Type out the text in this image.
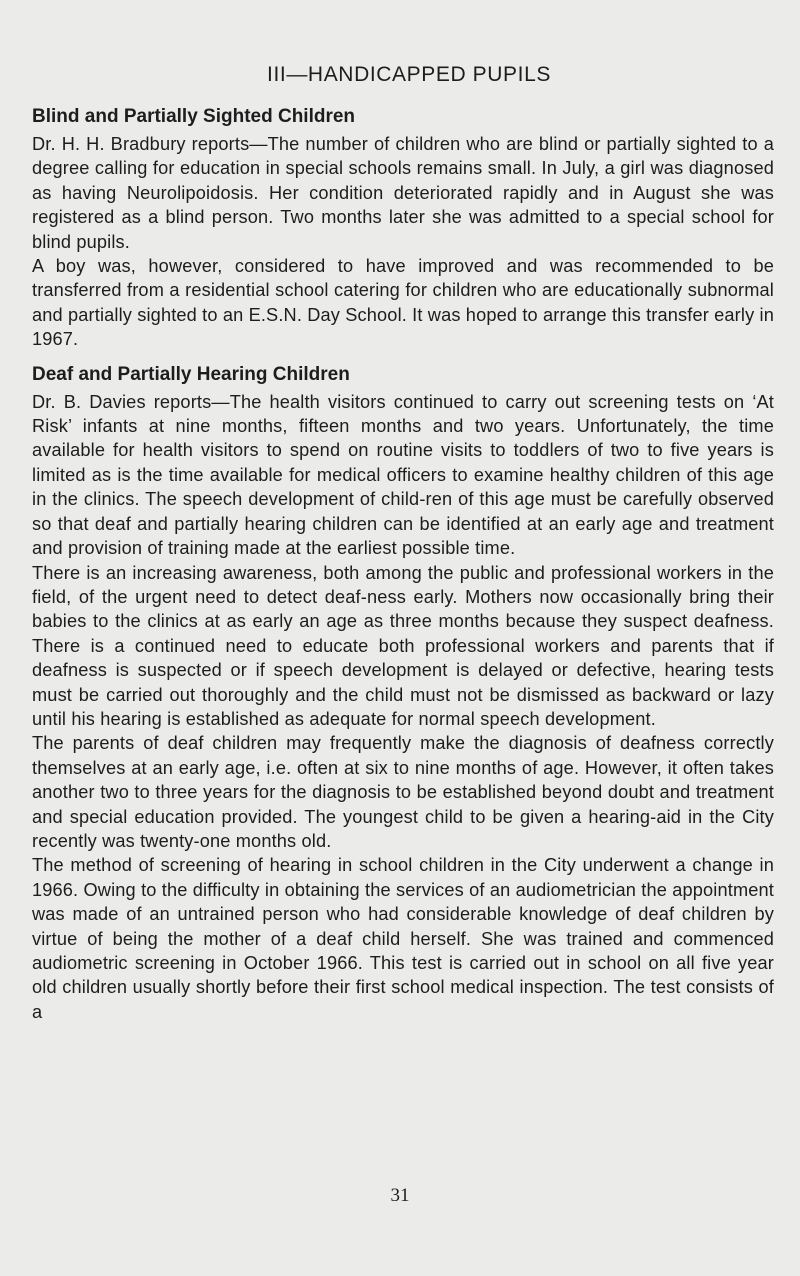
III—HANDICAPPED PUPILS
Blind and Partially Sighted Children

Dr. H. H. Bradbury reports—The number of children who are blind or partially sighted to a degree calling for education in special schools remains small. In July, a girl was diagnosed as having Neurolipoidosis. Her condition deteriorated rapidly and in August she was registered as a blind person. Two months later she was admitted to a special school for blind pupils.

A boy was, however, considered to have improved and was recommended to be transferred from a residential school catering for children who are educationally subnormal and partially sighted to an E.S.N. Day School. It was hoped to arrange this transfer early in 1967.

Deaf and Partially Hearing Children

Dr. B. Davies reports—The health visitors continued to carry out screening tests on ‘At Risk’ infants at nine months, fifteen months and two years. Unfortunately, the time available for health visitors to spend on routine visits to toddlers of two to five years is limited as is the time available for medical officers to examine healthy children of this age in the clinics. The speech development of child-ren of this age must be carefully observed so that deaf and partially hearing children can be identified at an early age and treatment and provision of training made at the earliest possible time.

There is an increasing awareness, both among the public and professional workers in the field, of the urgent need to detect deaf-ness early. Mothers now occasionally bring their babies to the clinics at as early an age as three months because they suspect deafness. There is a continued need to educate both professional workers and parents that if deafness is suspected or if speech development is delayed or defective, hearing tests must be carried out thoroughly and the child must not be dismissed as backward or lazy until his hearing is established as adequate for normal speech development.

The parents of deaf children may frequently make the diagnosis of deafness correctly themselves at an early age, i.e. often at six to nine months of age. However, it often takes another two to three years for the diagnosis to be established beyond doubt and treatment and special education provided. The youngest child to be given a hearing-aid in the City recently was twenty-one months old.

The method of screening of hearing in school children in the City underwent a change in 1966. Owing to the difficulty in obtaining the services of an audiometrician the appointment was made of an untrained person who had considerable knowledge of deaf children by virtue of being the mother of a deaf child herself. She was trained and commenced audiometric screening in October 1966. This test is carried out in school on all five year old children usually shortly before their first school medical inspection. The test consists of a

31
